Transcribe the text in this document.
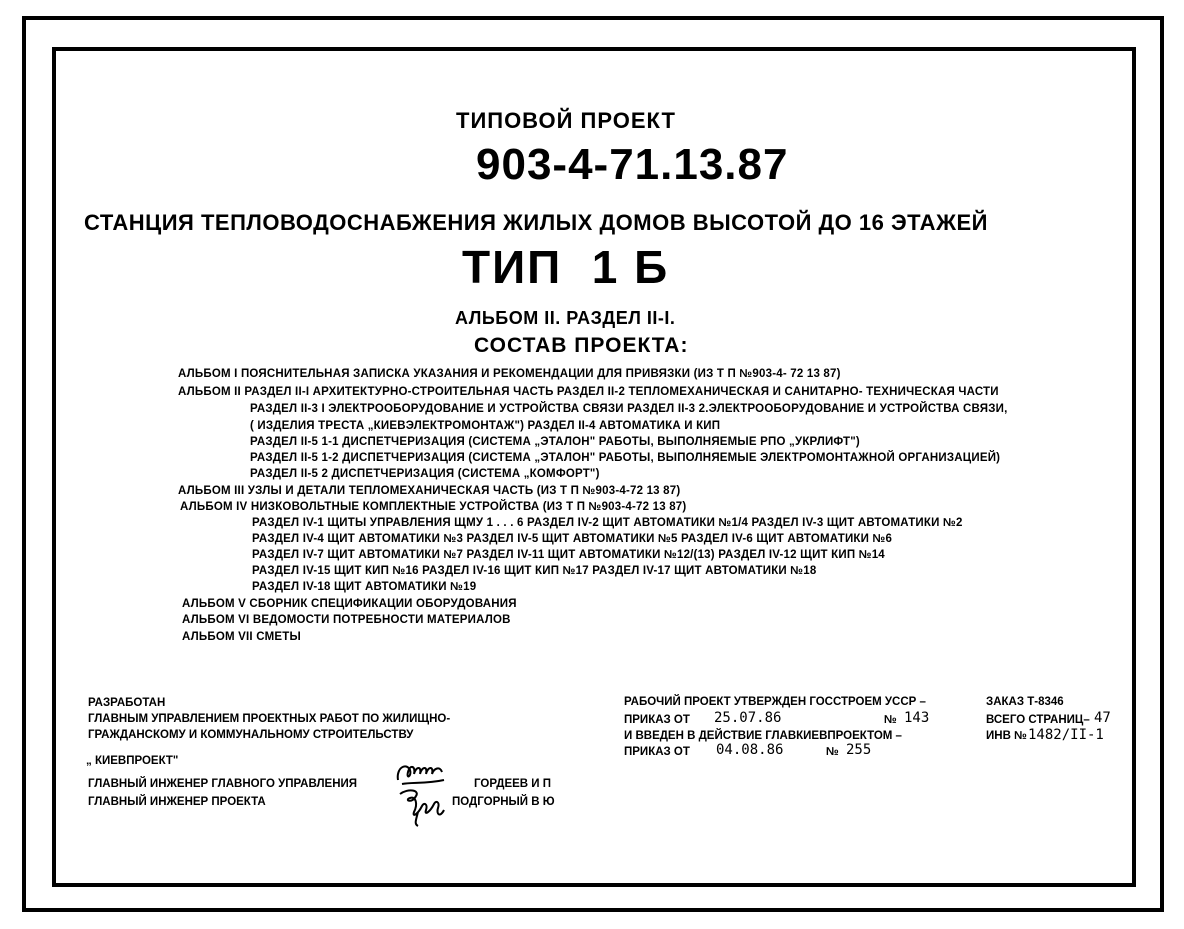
ТИПОВОЙ ПРОЕКТ
903-4-71.13.87
СТАНЦИЯ ТЕПЛОВОДОСНАБЖЕНИЯ ЖИЛЫХ ДОМОВ ВЫСОТОЙ ДО 16 ЭТАЖЕЙ
ТИП  1 Б
АЛЬБОМ II. РАЗДЕЛ II-I.
СОСТАВ ПРОЕКТА:
АЛЬБОМ I ПОЯСНИТЕЛЬНАЯ ЗАПИСКА УКАЗАНИЯ И РЕКОМЕНДАЦИИ ДЛЯ ПРИВЯЗКИ (ИЗ Т П №903-4- 72 13 87)
АЛЬБОМ II РАЗДЕЛ II-I АРХИТЕКТУРНО-СТРОИТЕЛЬНАЯ ЧАСТЬ РАЗДЕЛ II-2 ТЕПЛОМЕХАНИЧЕСКАЯ И САНИТАРНО- ТЕХНИЧЕСКАЯ ЧАСТИ
РАЗДЕЛ II-3 I ЭЛЕКТРООБОРУДОВАНИЕ И УСТРОЙСТВА СВЯЗИ РАЗДЕЛ II-3 2.ЭЛЕКТРООБОРУДОВАНИЕ И УСТРОЙСТВА СВЯЗИ,
( ИЗДЕЛИЯ ТРЕСТА „КИЕВЭЛЕКТРОМОНТАЖ") РАЗДЕЛ II-4 АВТОМАТИКА И КИП
РАЗДЕЛ II-5 1-1 ДИСПЕТЧЕРИЗАЦИЯ (СИСТЕМА „ЭТАЛОН" РАБОТЫ, ВЫПОЛНЯЕМЫЕ РПО „УКРЛИФТ")
РАЗДЕЛ II-5 1-2 ДИСПЕТЧЕРИЗАЦИЯ (СИСТЕМА „ЭТАЛОН" РАБОТЫ, ВЫПОЛНЯЕМЫЕ ЭЛЕКТРОМОНТАЖНОЙ ОРГАНИЗАЦИЕЙ)
РАЗДЕЛ II-5 2 ДИСПЕТЧЕРИЗАЦИЯ (СИСТЕМА „КОМФОРТ")
АЛЬБОМ III УЗЛЫ И ДЕТАЛИ ТЕПЛОМЕХАНИЧЕСКАЯ ЧАСТЬ (ИЗ Т П №903-4-72 13 87)
АЛЬБОМ IV НИЗКОВОЛЬТНЫЕ КОМПЛЕКТНЫЕ УСТРОЙСТВА (ИЗ Т П №903-4-72 13 87)
РАЗДЕЛ IV-1 ЩИТЫ УПРАВЛЕНИЯ ЩМУ 1 . . . 6 РАЗДЕЛ IV-2 ЩИТ АВТОМАТИКИ №1/4 РАЗДЕЛ IV-3 ЩИТ АВТОМАТИКИ №2
РАЗДЕЛ IV-4 ЩИТ АВТОМАТИКИ №3 РАЗДЕЛ IV-5 ЩИТ АВТОМАТИКИ №5 РАЗДЕЛ IV-6 ЩИТ АВТОМАТИКИ №6
РАЗДЕЛ IV-7 ЩИТ АВТОМАТИКИ №7 РАЗДЕЛ IV-11 ЩИТ АВТОМАТИКИ №12/(13) РАЗДЕЛ IV-12 ЩИТ КИП №14
РАЗДЕЛ IV-15 ЩИТ КИП №16 РАЗДЕЛ IV-16 ЩИТ КИП №17 РАЗДЕЛ IV-17 ЩИТ АВТОМАТИКИ №18
РАЗДЕЛ IV-18 ЩИТ АВТОМАТИКИ №19
АЛЬБОМ V СБОРНИК СПЕЦИФИКАЦИИ ОБОРУДОВАНИЯ
АЛЬБОМ VI ВЕДОМОСТИ ПОТРЕБНОСТИ МАТЕРИАЛОВ
АЛЬБОМ VII СМЕТЫ
РАЗРАБОТАН
ГЛАВНЫМ УПРАВЛЕНИЕМ ПРОЕКТНЫХ РАБОТ ПО ЖИЛИЩНО-
ГРАЖДАНСКОМУ И КОММУНАЛЬНОМУ СТРОИТЕЛЬСТВУ
„ КИЕВПРОЕКТ"
ГЛАВНЫЙ ИНЖЕНЕР ГЛАВНОГО УПРАВЛЕНИЯ	ГОРДЕЕВ И П
ГЛАВНЫЙ ИНЖЕНЕР ПРОЕКТА	ПОДГОРНЫЙ В Ю
РАБОЧИЙ ПРОЕКТ УТВЕРЖДЕН ГОССТРОЕМ УССР –
ПРИКАЗ ОТ 25.07.86	№ 143
И ВВЕДЕН В ДЕЙСТВИЕ ГЛАВКИЕВПРОЕКТОМ –
ПРИКАЗ ОТ 04.08.86	№ 255
ЗАКАЗ Т-8346
ВСЕГО СТРАНИЦ– 47
ИНВ № 1482/II-1
